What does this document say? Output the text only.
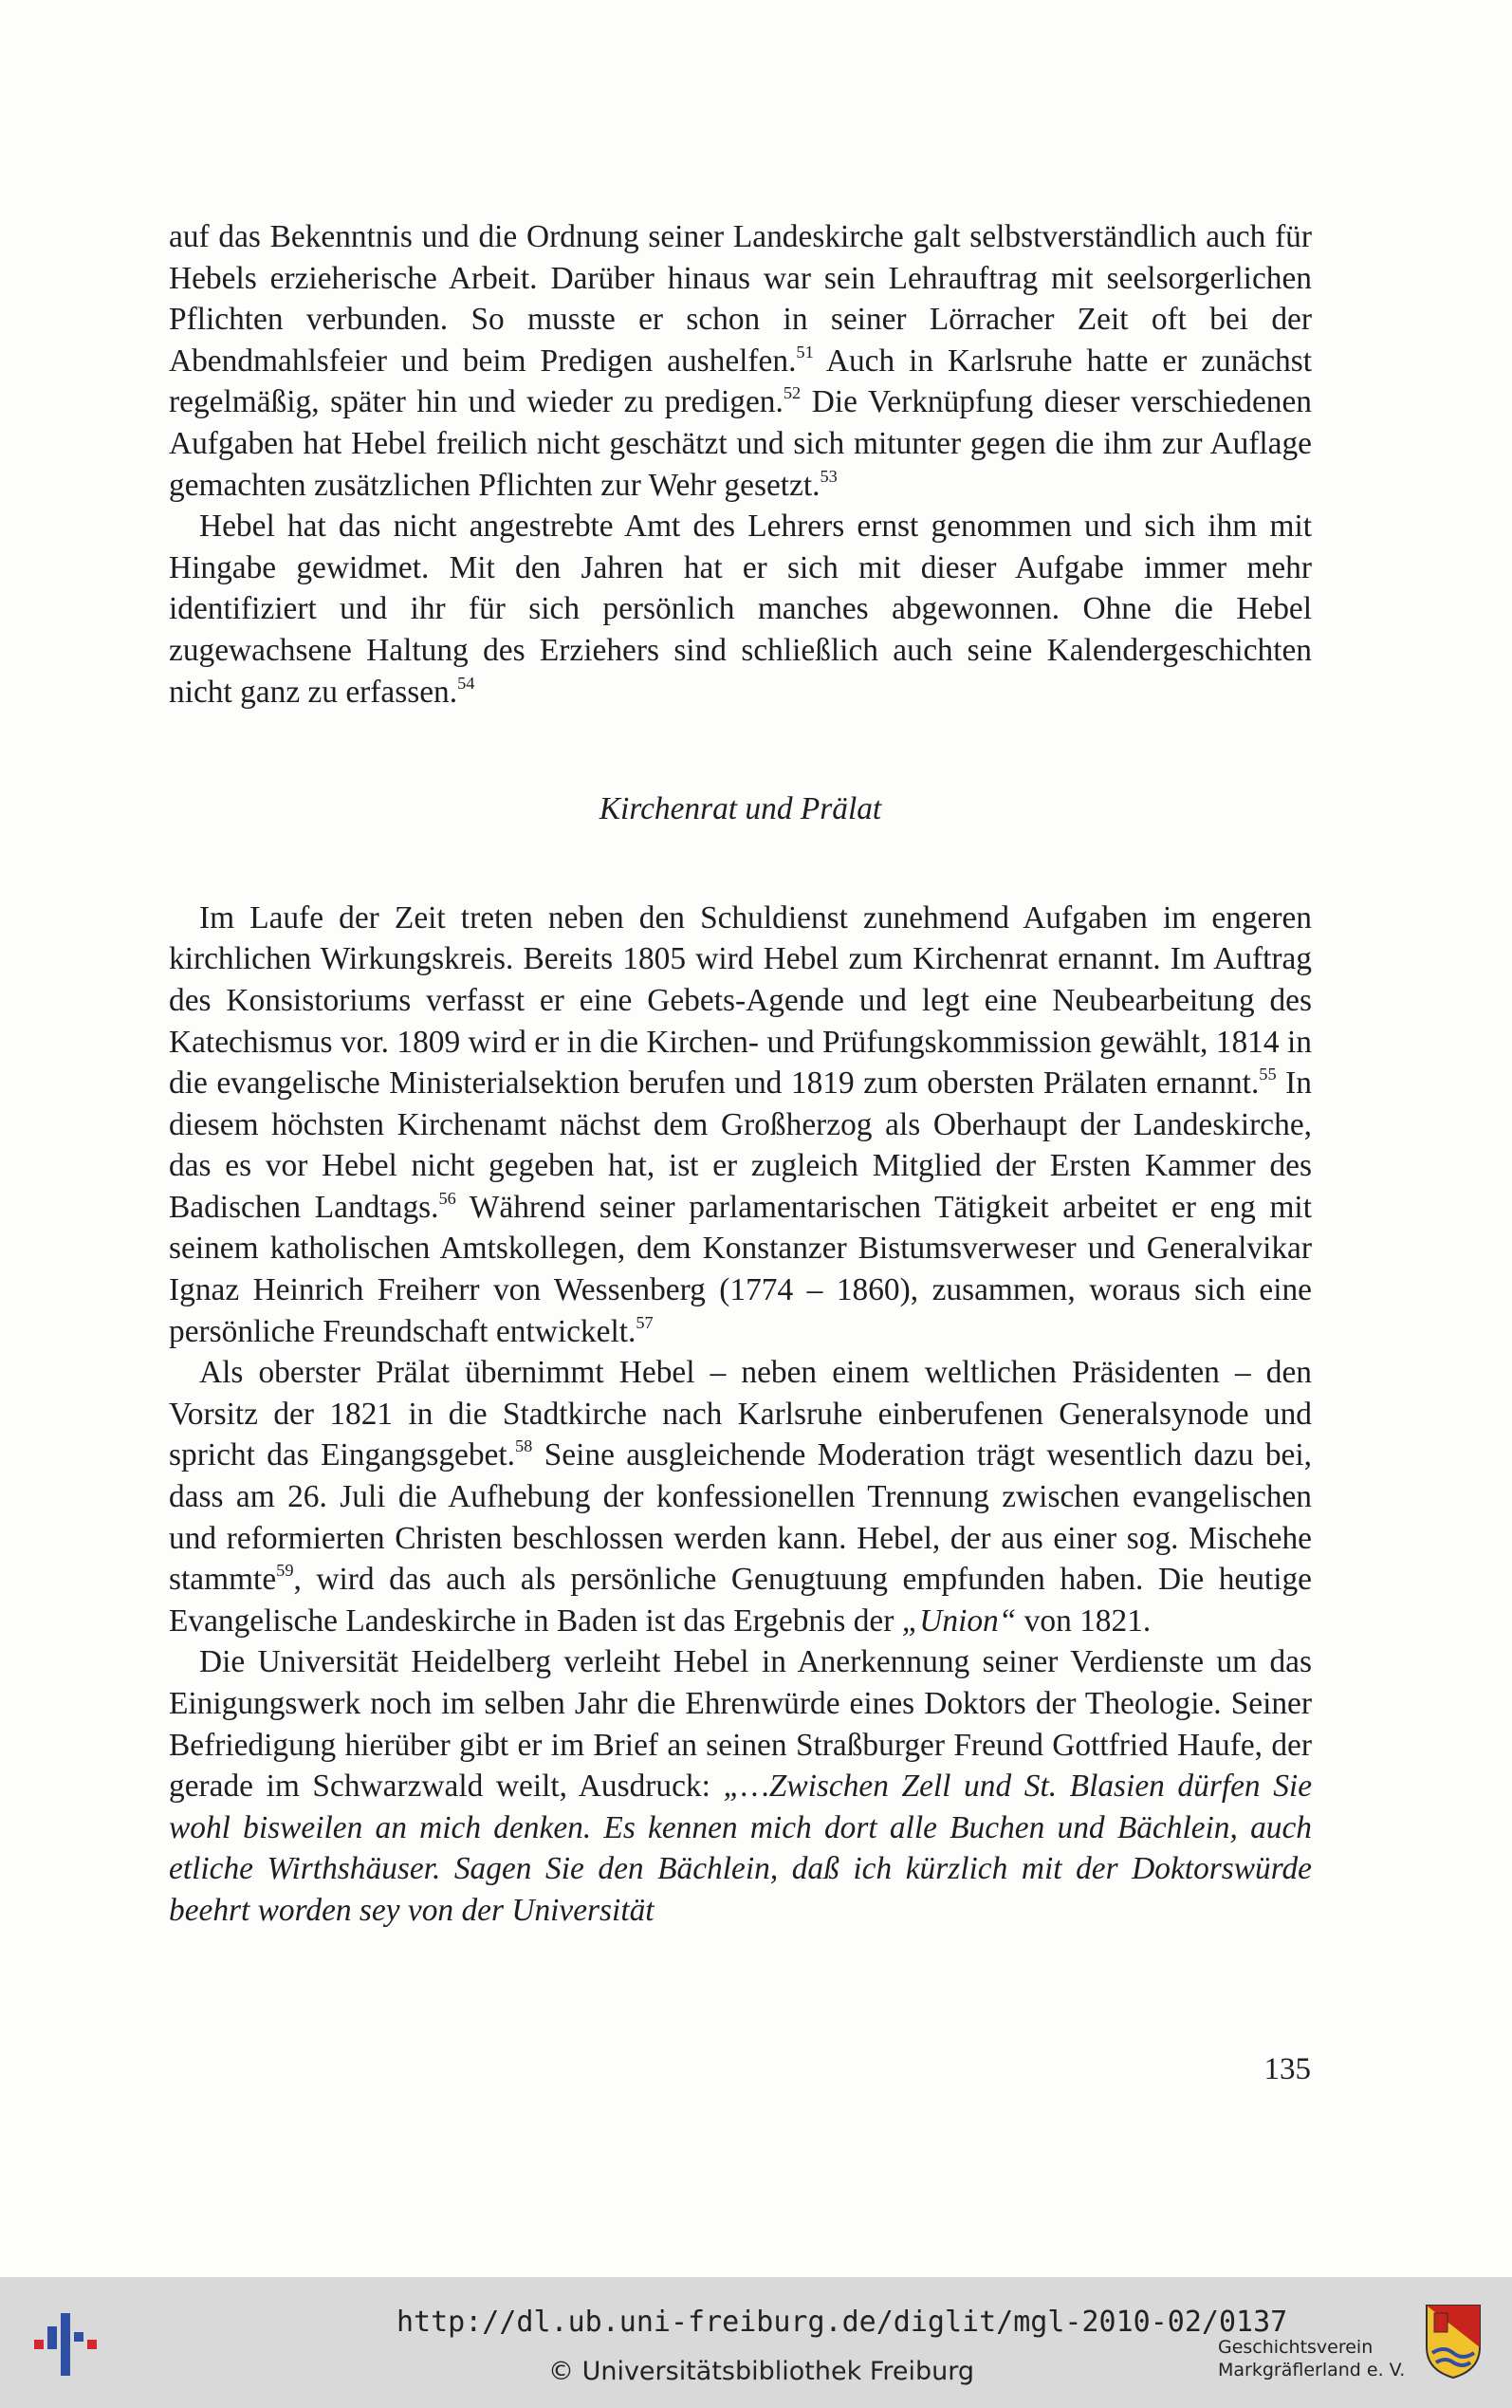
auf das Bekenntnis und die Ordnung seiner Landeskirche galt selbstverständlich auch für Hebels erzieherische Arbeit. Darüber hinaus war sein Lehrauftrag mit seelsorgerlichen Pflichten verbunden. So musste er schon in seiner Lörracher Zeit oft bei der Abendmahlsfeier und beim Predigen aushelfen.$^{51}$ Auch in Karlsruhe hatte er zunächst regelmäßig, später hin und wieder zu predigen.$^{52}$ Die Verknüpfung dieser verschiedenen Aufgaben hat Hebel freilich nicht geschätzt und sich mitunter gegen die ihm zur Auflage gemachten zusätzlichen Pflichten zur Wehr gesetzt.$^{53}$

Hebel hat das nicht angestrebte Amt des Lehrers ernst genommen und sich ihm mit Hingabe gewidmet. Mit den Jahren hat er sich mit dieser Aufgabe immer mehr identifiziert und ihr für sich persönlich manches abgewonnen. Ohne die Hebel zugewachsene Haltung des Erziehers sind schließlich auch seine Kalendergeschichten nicht ganz zu erfassen.$^{54}$

Kirchenrat und Prälat

Im Laufe der Zeit treten neben den Schuldienst zunehmend Aufgaben im engeren kirchlichen Wirkungskreis. Bereits 1805 wird Hebel zum Kirchenrat ernannt. Im Auftrag des Konsistoriums verfasst er eine Gebets-Agende und legt eine Neubearbeitung des Katechismus vor. 1809 wird er in die Kirchen- und Prüfungskommission gewählt, 1814 in die evangelische Ministerialsektion berufen und 1819 zum obersten Prälaten ernannt.$^{55}$ In diesem höchsten Kirchenamt nächst dem Großherzog als Oberhaupt der Landeskirche, das es vor Hebel nicht gegeben hat, ist er zugleich Mitglied der Ersten Kammer des Badischen Landtags.$^{56}$ Während seiner parlamentarischen Tätigkeit arbeitet er eng mit seinem katholischen Amtskollegen, dem Konstanzer Bistumsverweser und Generalvikar Ignaz Heinrich Freiherr von Wessenberg (1774 – 1860), zusammen, woraus sich eine persönliche Freundschaft entwickelt.$^{57}$

Als oberster Prälat übernimmt Hebel – neben einem weltlichen Präsidenten – den Vorsitz der 1821 in die Stadtkirche nach Karlsruhe einberufenen Generalsynode und spricht das Eingangsgebet.$^{58}$ Seine ausgleichende Moderation trägt wesentlich dazu bei, dass am 26. Juli die Aufhebung der konfessionellen Trennung zwischen evangelischen und reformierten Christen beschlossen werden kann. Hebel, der aus einer sog. Mischehe stammte$^{59}$, wird das auch als persönliche Genugtuung empfunden haben. Die heutige Evangelische Landeskirche in Baden ist das Ergebnis der „Union“ von 1821.

Die Universität Heidelberg verleiht Hebel in Anerkennung seiner Verdienste um das Einigungswerk noch im selben Jahr die Ehrenwürde eines Doktors der Theologie. Seiner Befriedigung hierüber gibt er im Brief an seinen Straßburger Freund Gottfried Haufe, der gerade im Schwarzwald weilt, Ausdruck: „…Zwischen Zell und St. Blasien dürfen Sie wohl bisweilen an mich denken. Es kennen mich dort alle Buchen und Bächlein, auch etliche Wirthshäuser. Sagen Sie den Bächlein, daß ich kürzlich mit der Doktorswürde beehrt worden sey von der Universität

135
http://dl.ub.uni-freiburg.de/diglit/mgl-2010-02/0137
© Universitätsbibliothek Freiburg
Geschichtsverein
Markgräflerland e. V.
